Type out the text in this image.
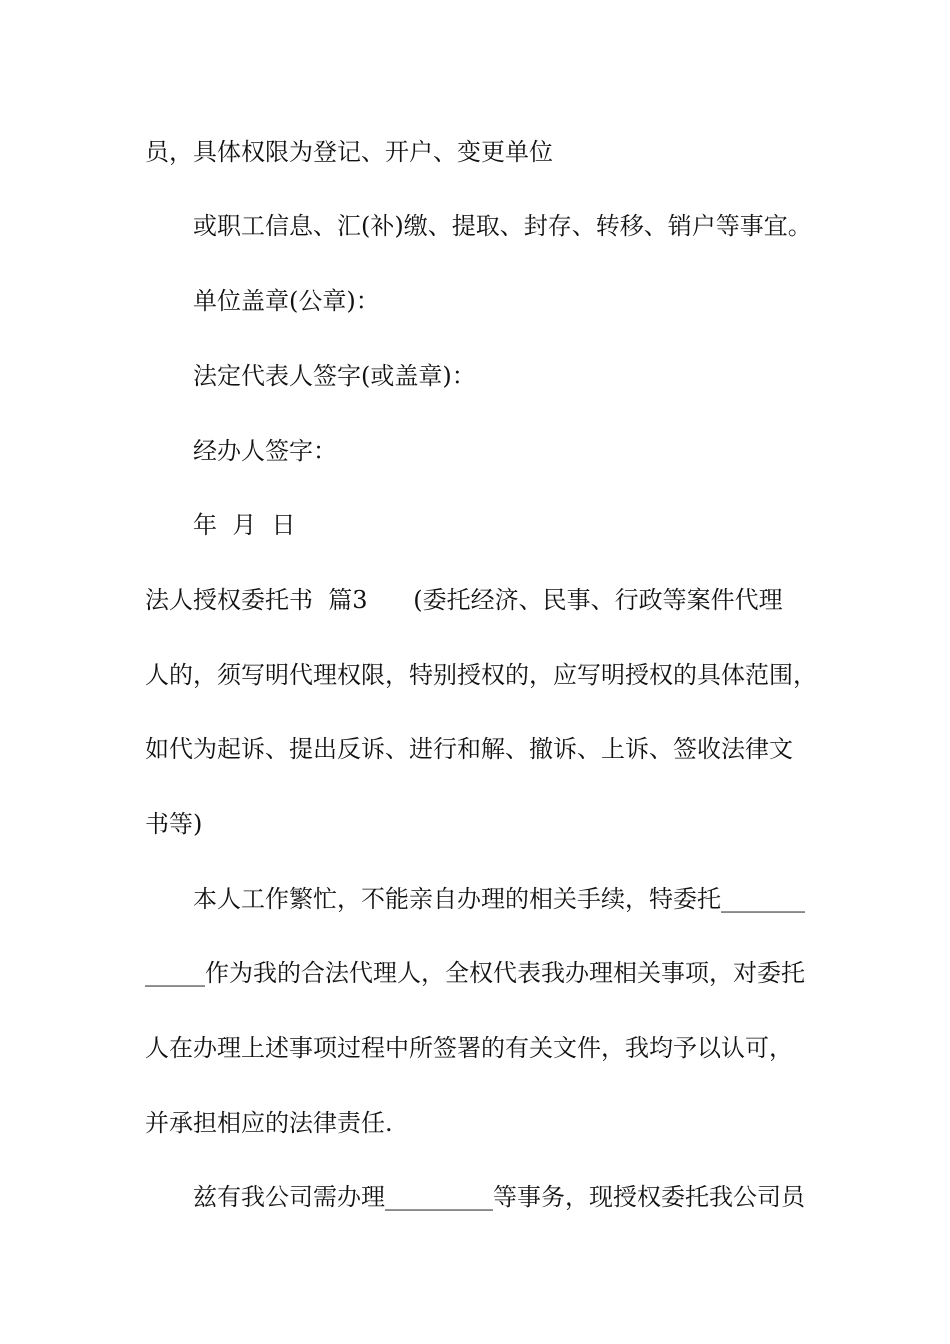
员，具体权限为登记、开户、变更单位
或职工信息、汇(补)缴、提取、封存、转移、销户等事宜。
单位盖章(公章)：
法定代表人签字(或盖章)：
经办人签字：
年  月  日
法人授权委托书  篇3      (委托经济、民事、行政等案件代理
人的，须写明代理权限，特别授权的，应写明授权的具体范围，
如代为起诉、提出反诉、进行和解、撤诉、上诉、签收法律文
书等)
本人工作繁忙，不能亲自办理的相关手续，特委托_______
_____作为我的合法代理人，全权代表我办理相关事项，对委托
人在办理上述事项过程中所签署的有关文件，我均予以认可，
并承担相应的法律责任.
兹有我公司需办理_________等事务，现授权委托我公司员
